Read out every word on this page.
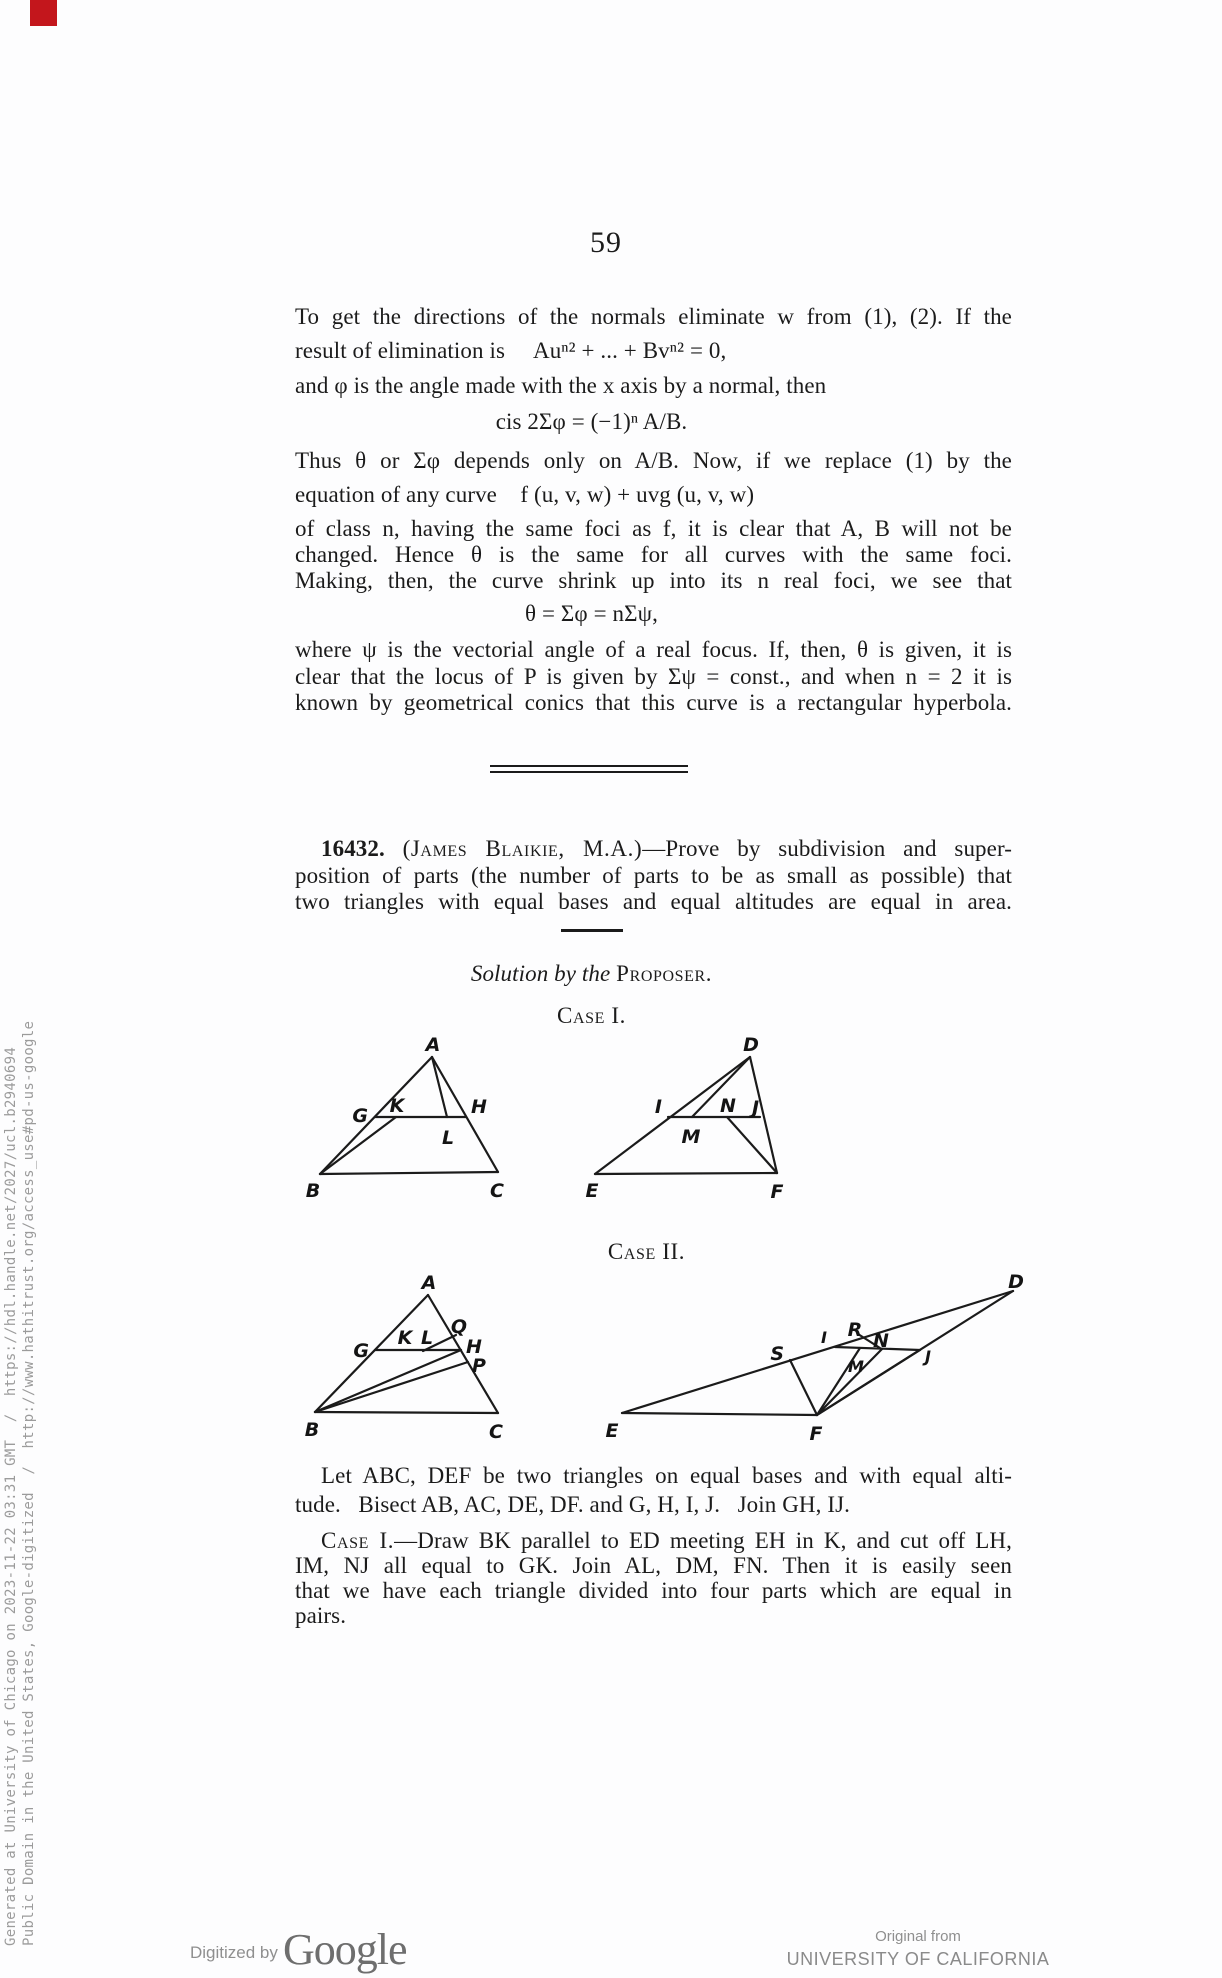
Generated at University of Chicago on 2023-11-22 03:31 GMT  /  https://hdl.handle.net/2027/ucl.b2940694 Public Domain in the United States, Google-digitized  /  http://www.hathitrust.org/access_use#pd-us-google
59
To get the directions of the normals eliminate w from (1), (2). If the
result of elimination is     Auⁿ² + ... + Bvⁿ² = 0,
and φ is the angle made with the x axis by a normal, then
cis 2Σφ = (−1)ⁿ A/B.
Thus θ or Σφ depends only on A/B. Now, if we replace (1) by the
equation of any curve    f (u, v, w) + uvg (u, v, w)
of class n, having the same foci as f, it is clear that A, B will not be
changed. Hence θ is the same for all curves with the same foci.
Making, then, the curve shrink up into its n real foci, we see that
θ = Σφ = nΣψ,
where ψ is the vectorial angle of a real focus. If, then, θ is given, it is
clear that the locus of P is given by Σψ = const., and when n = 2 it is
known by geometrical conics that this curve is a rectangular hyperbola.
16432. (James Blaikie, M.A.)—Prove by subdivision and super-
position of parts (the number of parts to be as small as possible) that
two triangles with equal bases and equal altitudes are equal in area.
Solution by the Proposer.
Case I.
Case II.
A
G K	H
L
B	C
D
I	N J
M
E	F
A
G
K L Q
H
P
B	C
D
S
I R N
M
J
E	F
Let ABC, DEF be two triangles on equal bases and with equal alti-
tude.   Bisect AB, AC, DE, DF. and G, H, I, J.   Join GH, IJ.
Case I.—Draw BK parallel to ED meeting EH in K, and cut off LH,
IM, NJ all equal to GK. Join AL, DM, FN. Then it is easily seen
that we have each triangle divided into four parts which are equal in
pairs.
Digitized by Google	Original from
UNIVERSITY OF CALIFORNIA
